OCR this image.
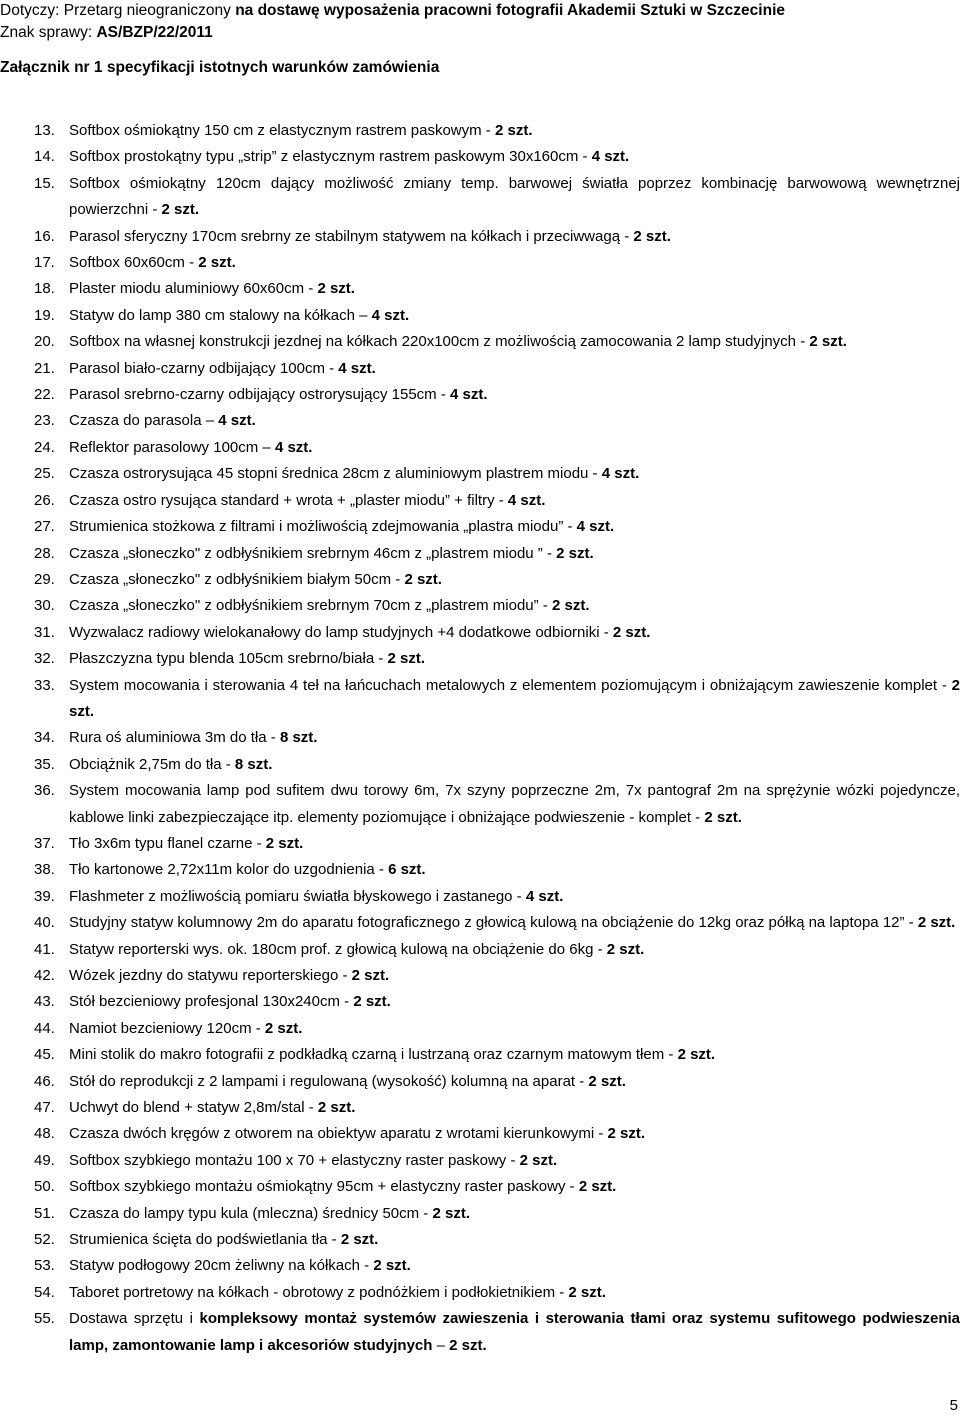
Dotyczy: Przetarg nieograniczony na dostawę wyposażenia pracowni fotografii Akademii Sztuki w Szczecinie
Znak sprawy: AS/BZP/22/2011
Załącznik nr 1 specyfikacji istotnych warunków zamówienia
13. Softbox ośmiokątny 150 cm z elastycznym rastrem paskowym - 2 szt.
14. Softbox prostokątny typu „strip” z elastycznym rastrem paskowym 30x160cm - 4 szt.
15. Softbox ośmiokątny 120cm dający możliwość zmiany temp. barwowej światła poprzez kombinację barwowową wewnętrznej powierzchni - 2 szt.
16. Parasol sferyczny 170cm srebrny ze stabilnym statywem na kółkach i przeciwwagą - 2 szt.
17. Softbox 60x60cm - 2 szt.
18. Plaster miodu aluminiowy 60x60cm - 2 szt.
19. Statyw do lamp 380 cm stalowy na kółkach – 4 szt.
20. Softbox na własnej konstrukcji jezdnej na kółkach 220x100cm z możliwością zamocowania 2 lamp studyjnych - 2 szt.
21. Parasol biało-czarny odbijający 100cm - 4 szt.
22. Parasol srebrno-czarny odbijający ostrorysujący 155cm - 4 szt.
23. Czasza do parasola – 4 szt.
24. Reflektor parasolowy 100cm – 4 szt.
25. Czasza ostrorysująca 45 stopni średnica 28cm z aluminiowym plastrem miodu - 4 szt.
26. Czasza ostro rysująca standard + wrota + „plaster miodu” + filtry - 4 szt.
27. Strumienica stożkowa z filtrami i możliwością zdejmowania „plastra miodu” - 4 szt.
28. Czasza „słoneczko" z odbłyśnikiem srebrnym 46cm z „plastrem miodu ” - 2 szt.
29. Czasza „słoneczko" z odbłyśnikiem białym 50cm - 2 szt.
30. Czasza „słoneczko" z odbłyśnikiem srebrnym 70cm z „plastrem miodu” - 2 szt.
31. Wyzwalacz radiowy wielokanałowy do lamp studyjnych +4 dodatkowe odbiorniki - 2 szt.
32. Płaszczyzna typu blenda 105cm srebrno/biała - 2 szt.
33. System mocowania i sterowania 4 teł na łańcuchach metalowych z elementem poziomującym i obniżającym zawieszenie komplet - 2 szt.
34. Rura oś aluminiowa 3m do tła - 8 szt.
35. Obciążnik 2,75m do tła - 8 szt.
36. System mocowania lamp pod sufitem dwu torowy 6m, 7x szyny poprzeczne 2m, 7x pantograf 2m na sprężynie wózki pojedyncze, kablowe linki zabezpieczające itp. elementy poziomujące i obniżające podwieszenie - komplet - 2 szt.
37. Tło 3x6m typu flanel czarne - 2 szt.
38. Tło kartonowe 2,72x11m kolor do uzgodnienia - 6 szt.
39. Flashmeter z możliwością pomiaru światła błyskowego i zastanego - 4 szt.
40. Studyjny statyw kolumnowy 2m do aparatu fotograficznego z głowicą kulową na obciążenie do 12kg oraz półką na laptopa 12” - 2 szt.
41. Statyw reporterski wys. ok. 180cm prof. z głowicą kulową na obciążenie do 6kg - 2 szt.
42. Wózek jezdny do statywu reporterskiego - 2 szt.
43. Stół bezcieniowy profesjonal 130x240cm - 2 szt.
44. Namiot bezcieniowy 120cm - 2 szt.
45. Mini stolik do makro fotografii z podkładką czarną i lustrzaną oraz czarnym matowym tłem - 2 szt.
46. Stół do reprodukcji z 2 lampami i regulowaną (wysokość) kolumną na aparat - 2 szt.
47. Uchwyt do blend + statyw 2,8m/stal - 2 szt.
48. Czasza dwóch kręgów z otworem na obiektyw aparatu z wrotami kierunkowymi - 2 szt.
49. Softbox szybkiego montażu 100 x 70 + elastyczny raster paskowy - 2 szt.
50. Softbox szybkiego montażu ośmiokątny 95cm + elastyczny raster paskowy - 2 szt.
51. Czasza do lampy typu kula (mleczna) średnicy 50cm - 2 szt.
52. Strumienica ścięta do podświetlania tła - 2 szt.
53. Statyw podłogowy 20cm żeliwny na kółkach - 2 szt.
54. Taboret portretowy na kółkach - obrotowy z podnóżkiem i podłokietnikiem - 2 szt.
55. Dostawa sprzętu i kompleksowy montaż systemów zawieszenia i sterowania tłami oraz systemu sufitowego podwieszenia lamp, zamontowanie lamp i akcesoriów studyjnych – 2 szt.
5
